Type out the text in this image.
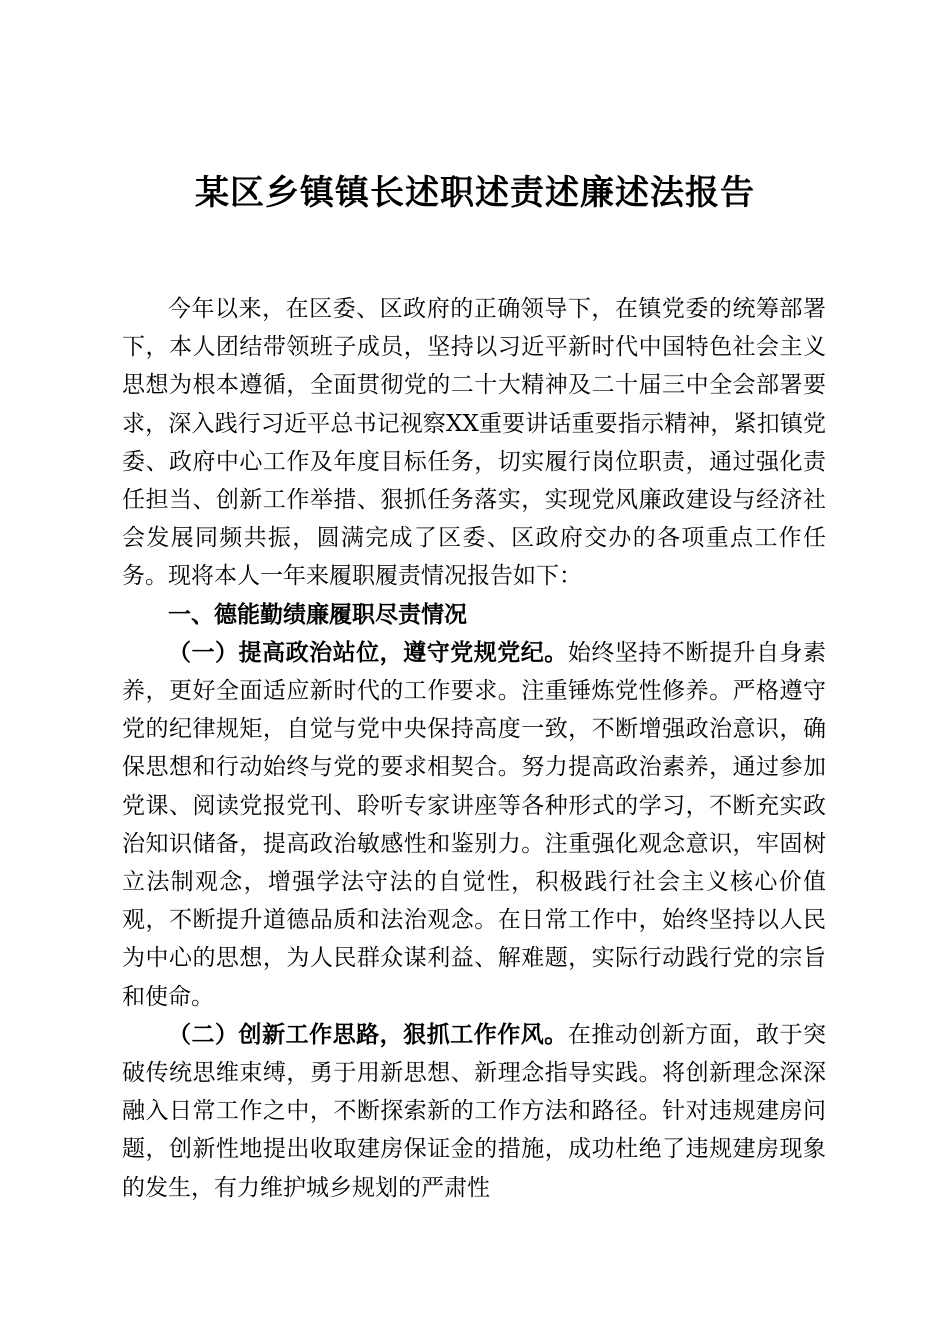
某区乡镇镇长述职述责述廉述法报告

今年以来，在区委、区政府的正确领导下，在镇党委的统筹部署下，本人团结带领班子成员，坚持以习近平新时代中国特色社会主义思想为根本遵循，全面贯彻党的二十大精神及二十届三中全会部署要求，深入践行习近平总书记视察XX重要讲话重要指示精神，紧扣镇党委、政府中心工作及年度目标任务，切实履行岗位职责，通过强化责任担当、创新工作举措、狠抓任务落实，实现党风廉政建设与经济社会发展同频共振，圆满完成了区委、区政府交办的各项重点工作任务。现将本人一年来履职履责情况报告如下：

一、德能勤绩廉履职尽责情况

（一）提高政治站位，遵守党规党纪。始终坚持不断提升自身素养，更好全面适应新时代的工作要求。注重锤炼党性修养。严格遵守党的纪律规矩，自觉与党中央保持高度一致，不断增强政治意识，确保思想和行动始终与党的要求相契合。努力提高政治素养，通过参加党课、阅读党报党刊、聆听专家讲座等各种形式的学习，不断充实政治知识储备，提高政治敏感性和鉴别力。注重强化观念意识，牢固树立法制观念，增强学法守法的自觉性，积极践行社会主义核心价值观，不断提升道德品质和法治观念。在日常工作中，始终坚持以人民为中心的思想，为人民群众谋利益、解难题，实际行动践行党的宗旨和使命。

（二）创新工作思路，狠抓工作作风。在推动创新方面，敢于突破传统思维束缚，勇于用新思想、新理念指导实践。将创新理念深深融入日常工作之中，不断探索新的工作方法和路径。针对违规建房问题，创新性地提出收取建房保证金的措施，成功杜绝了违规建房现象的发生，有力维护城乡规划的严肃性
